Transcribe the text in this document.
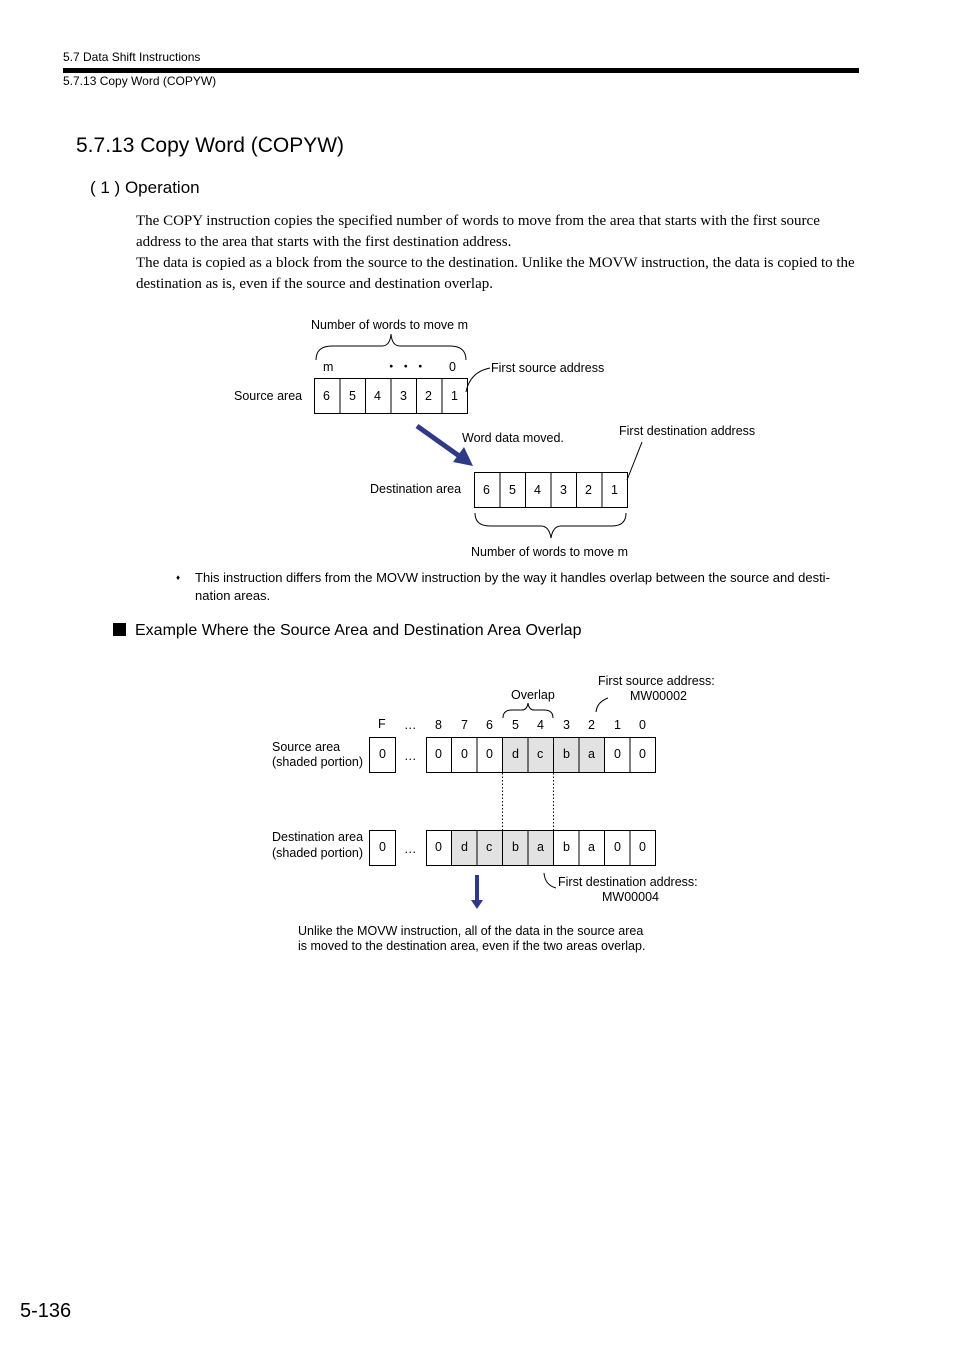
5.7 Data Shift Instructions
5.7.13 Copy Word (COPYW)
5.7.13 Copy Word (COPYW)
( 1 ) Operation
The COPY instruction copies the specified number of words to move from the area that starts with the first source address to the area that starts with the first destination address.
The data is copied as a block from the source to the destination. Unlike the MOVW instruction, the data is copied to the destination as is, even if the source and destination overlap.
Number of words to move m
m	・・・ 0	First source address
Source area 6 5 4 3 2 1
Word data moved.	First destination address
Destination area 6 5 4 3 2 1
Number of words to move m
♦ This instruction differs from the MOVW instruction by the way it handles overlap between the source and desti-nation areas.
Example Where the Source Area and Destination Area Overlap
Overlap
First source address:
MW00002
F … 8 7 6 5 4 3 2 1 0
Source area
(shaded portion)
0 … 0 0 0 d c b a 0 0
Destination area
(shaded portion) 0 … 0 d c b a b a 0 0
First destination address:
MW00004
Unlike the MOVW instruction, all of the data in the source area
is moved to the destination area, even if the two areas overlap.
5-136
